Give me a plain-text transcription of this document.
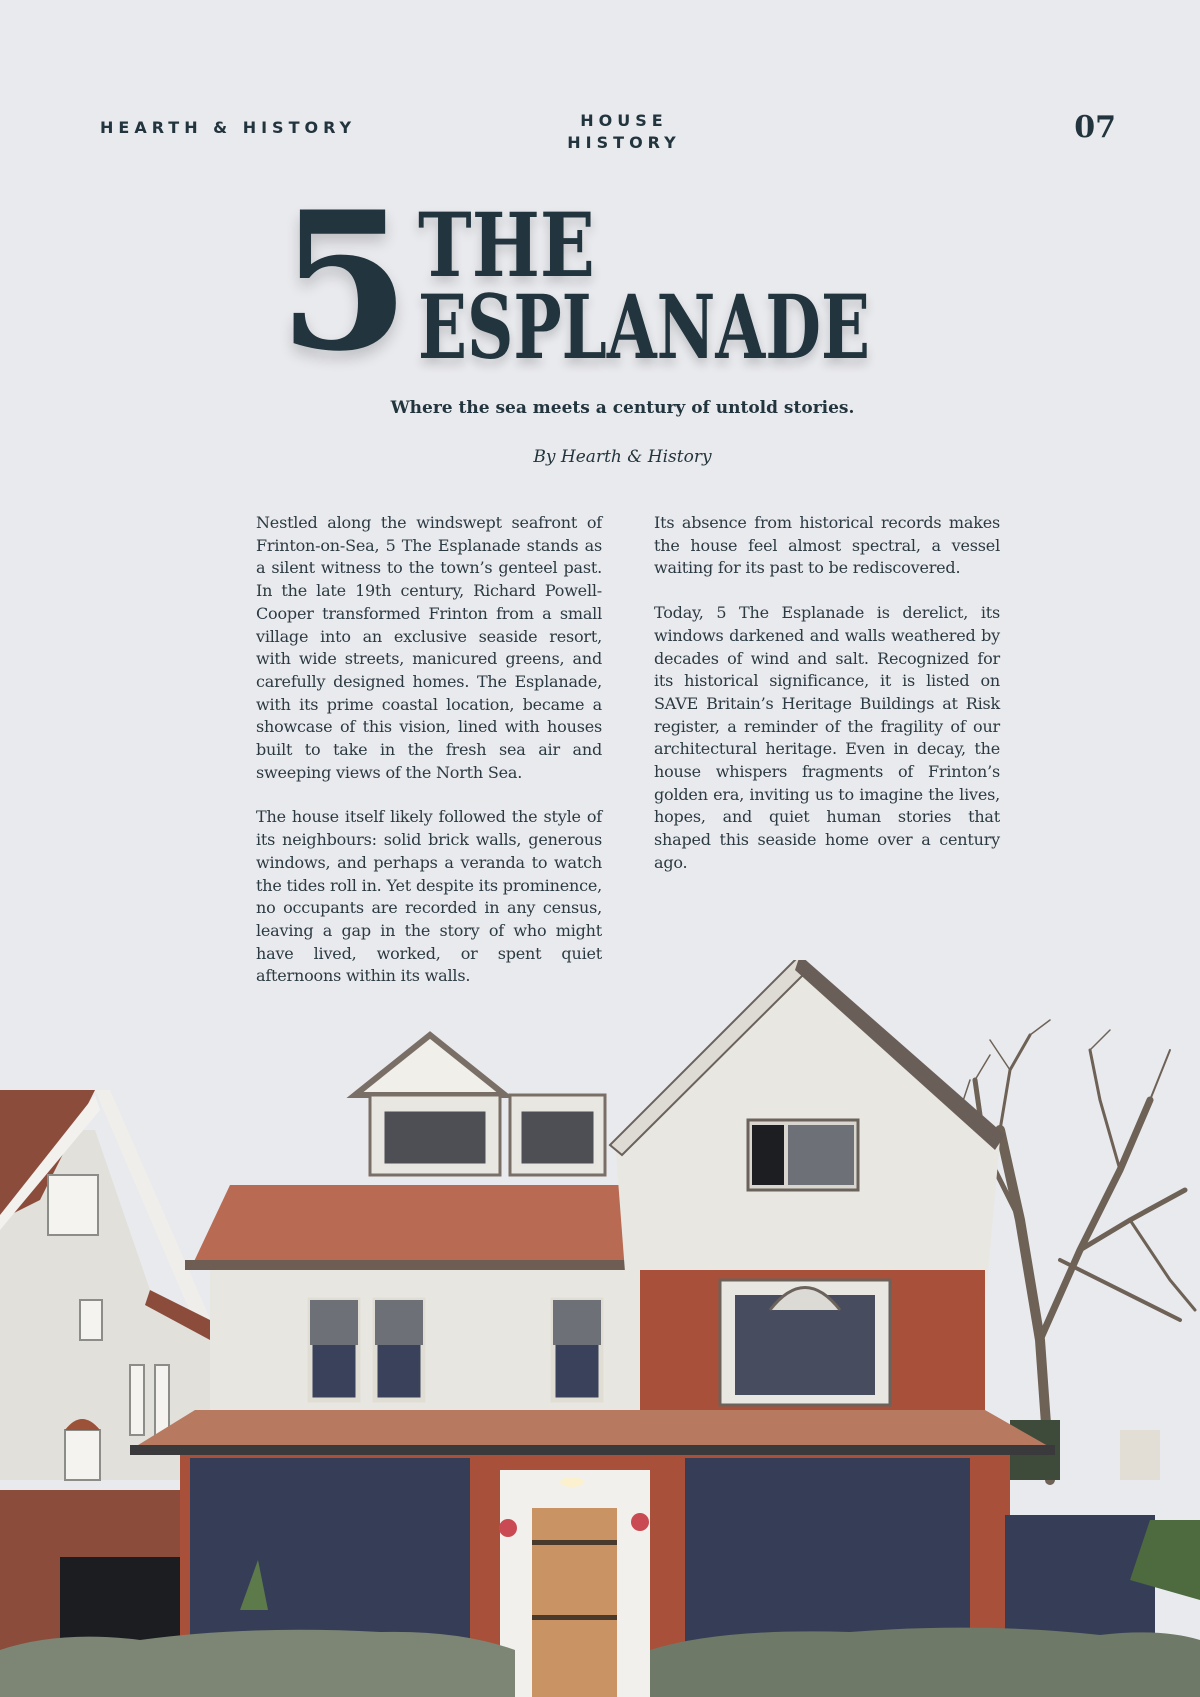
HEARTH & HISTORY	HOUSE
HISTORY	07
5 THE
ESPLANADE
Where the sea meets a century of untold stories.
By Hearth & History

Nestled along the windswept seafront of Frinton-on-Sea, 5 The Esplanade stands as a silent witness to the town’s genteel past. In the late 19th century, Richard Powell-Cooper transformed Frinton from a small village into an exclusive seaside resort, with wide streets, manicured greens, and carefully designed homes. The Esplanade, with its prime coastal location, became a showcase of this vision, lined with houses built to take in the fresh sea air and sweeping views of the North Sea.

The house itself likely followed the style of its neighbours: solid brick walls, generous windows, and perhaps a veranda to watch the tides roll in. Yet despite its prominence, no occupants are recorded in any census, leaving a gap in the story of who might have lived, worked, or spent quiet afternoons within its walls.

Its absence from historical records makes the house feel almost spectral, a vessel waiting for its past to be rediscovered.

Today, 5 The Esplanade is derelict, its windows darkened and walls weathered by decades of wind and salt. Recognized for its historical significance, it is listed on SAVE Britain’s Heritage Buildings at Risk register, a reminder of the fragility of our architectural heritage. Even in decay, the house whispers fragments of Frinton’s golden era, inviting us to imagine the lives, hopes, and quiet human stories that shaped this seaside home over a century ago.
